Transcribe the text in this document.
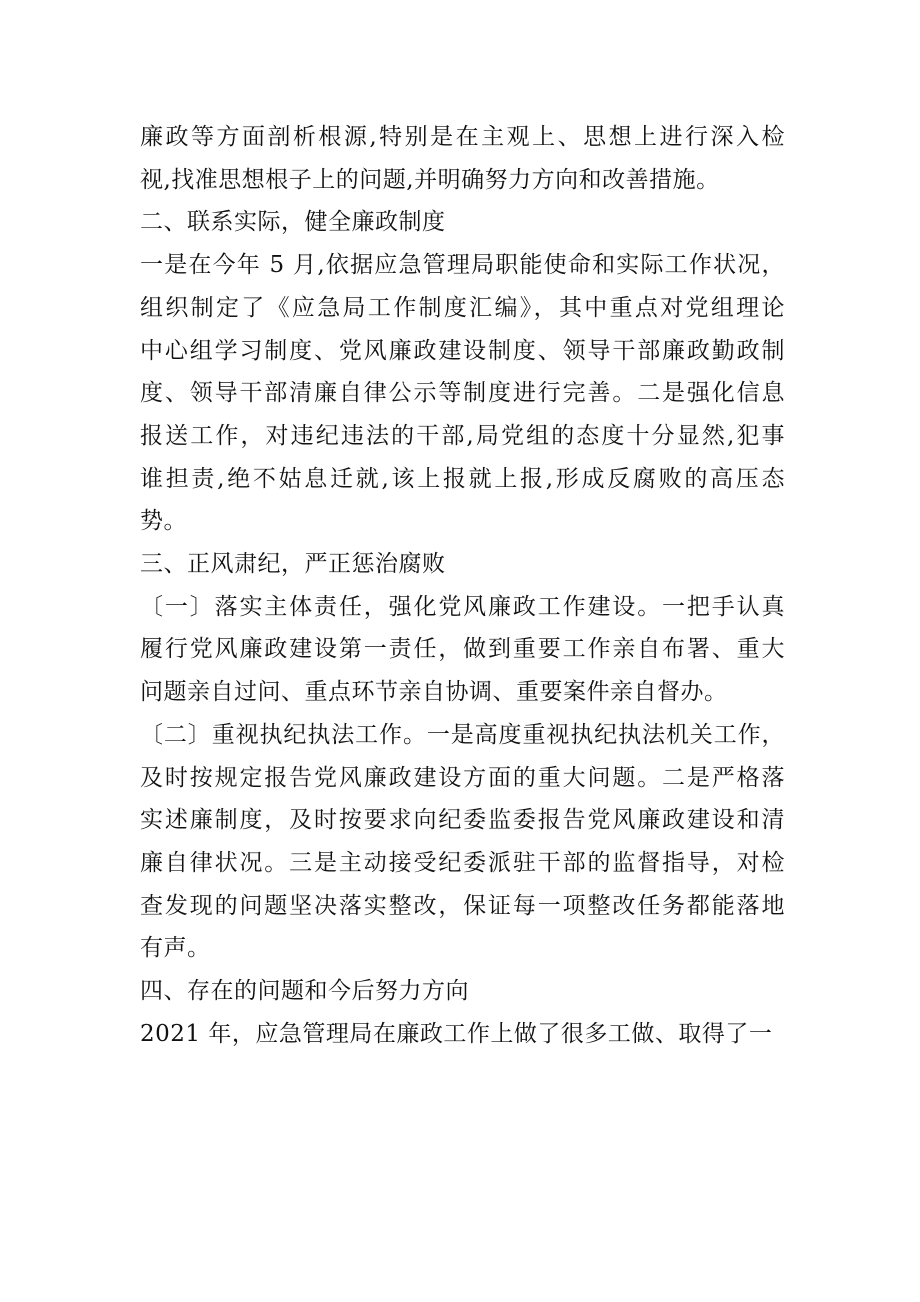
廉政等方面剖析根源,特别是在主观上、思想上进行深入检
视,找准思想根子上的问题,并明确努力方向和改善措施。

二、联系实际，健全廉政制度

一是在今年 5 月,依据应急管理局职能使命和实际工作状况，
组织制定了《应急局工作制度汇编》，其中重点对党组理论
中心组学习制度、党风廉政建设制度、领导干部廉政勤政制
度、领导干部清廉自律公示等制度进行完善。二是强化信息
报送工作，对违纪违法的干部,局党组的态度十分显然,犯事
谁担责,绝不姑息迁就,该上报就上报,形成反腐败的高压态
势。

三、正风肃纪，严正惩治腐败

〔一〕落实主体责任，强化党风廉政工作建设。一把手认真
履行党风廉政建设第一责任，做到重要工作亲自布署、重大
问题亲自过问、重点环节亲自协调、重要案件亲自督办。

〔二〕重视执纪执法工作。一是高度重视执纪执法机关工作，
及时按规定报告党风廉政建设方面的重大问题。二是严格落
实述廉制度，及时按要求向纪委监委报告党风廉政建设和清
廉自律状况。三是主动接受纪委派驻干部的监督指导，对检
查发现的问题坚决落实整改，保证每一项整改任务都能落地
有声。

四、存在的问题和今后努力方向

2021 年，应急管理局在廉政工作上做了很多工做、取得了一
